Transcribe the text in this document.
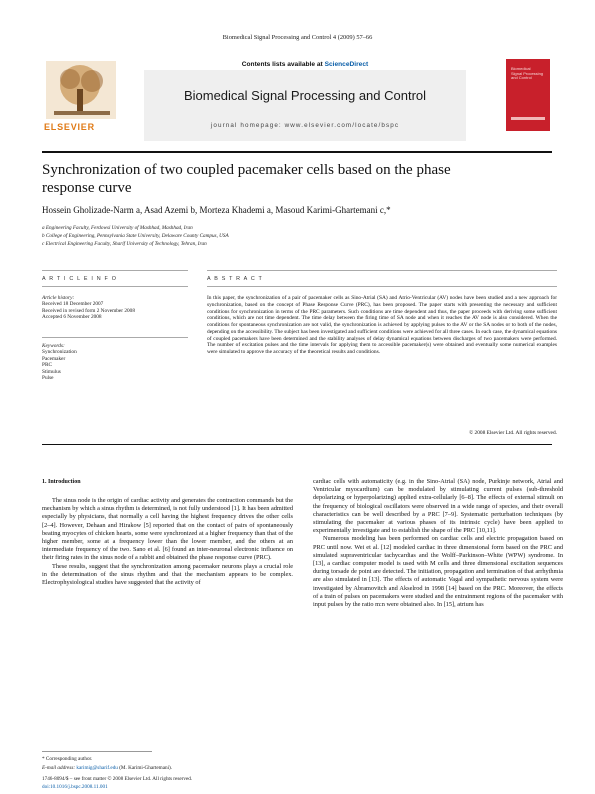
Biomedical Signal Processing and Control 4 (2009) 57–66
ELSEVIER
Contents lists available at ScienceDirect
Biomedical Signal Processing and Control
journal homepage: www.elsevier.com/locate/bspc
Biomedical
Signal Processing
and Control
Synchronization of two coupled pacemaker cells based on the phase response curve
Hossein Gholizade-Narm a, Asad Azemi b, Morteza Khademi a, Masoud Karimi-Ghartemani c,*
a Engineering Faculty, Ferdowsi University of Mashhad, Mashhad, Iran
b College of Engineering, Pennsylvania State University, Delaware County Campus, USA
c Electrical Engineering Faculty, Sharif University of Technology, Tehran, Iran
A R T I C L E I N F O	A B S T R A C T
Article history:
Received 18 December 2007
Received in revised form 2 November 2008
Accepted 6 November 2008
Keywords:
Synchronization
Pacemaker
PRC
Stimulus
Pulse
In this paper, the synchronization of a pair of pacemaker cells as Sino-Atrial (SA) and Atrio-Ventricular (AV) nodes have been studied and a new approach for synchronization, based on the concept of Phase Response Curve (PRC), has been proposed. The paper starts with presenting the necessary and sufficient conditions for synchronization in terms of the PRC parameters. Such conditions are time dependent and thus, the paper proceeds with deriving some sufficient conditions, which are not time dependent. The time delay between the firing time of SA node and when it reaches the AV node is also considered. When the conditions for spontaneous synchronization are not valid, the synchronization is achieved by applying pulses to the AV or the SA nodes or to both of the nodes, depending on the accessibility. The subject has been investigated and sufficient conditions were achieved for all three cases. In each case, the dynamical equations of coupled pacemakers have been determined and the stability analyses of delay dynamical equations between discharges of two pacemakers were performed. The number of excitation pulses and the time intervals for applying them to accessible pacemaker(s) were obtained and eventually some numerical examples were simulated to approve the accuracy of the theoretical results and conditions.
© 2008 Elsevier Ltd. All rights reserved.
1. Introduction

The sinus node is the origin of cardiac activity and generates the contraction commands but the mechanism by which a sinus rhythm is determined, is not fully understood [1]. It has been admitted especially by physicians, that normally a cell having the highest frequency drives the other cells [2–4]. However, Dehaan and Hirakow [5] reported that on the contact of pairs of spontaneously beating myocytes of chicken hearts, some were synchronized at a higher frequency than that of the higher member, some at a frequency lower than the lower member, and the others at an intermediate frequency of the two. Sano et al. [6] found an inter-neuronal electronic influence on their firing rates in the sinus node of a rabbit and obtained the phase response curve (PRC).

These results, suggest that the synchronization among pacemaker neurons plays a crucial role in the determination of the sinus rhythm and that the mechanism appears to be complex. Electrophysiological studies have suggested that the activity of

cardiac cells with automaticity (e.g. in the Sino-Atrial (SA) node, Purkinje network, Atrial and Ventricular myocardium) can be modulated by stimulating current pulses (sub-threshold depolarizing or hyperpolarizing) applied extra-cellularly [6–8]. The effects of external stimuli on the frequency of biological oscillators were observed in a wide range of species, and their overall characteristics can be well described by a PRC [7–9]. Systematic perturbation techniques (by stimulating the pacemaker at various phases of its intrinsic cycle) have been applied to experimentally investigate and to establish the shape of the PRC [10,11].

Numerous modeling has been performed on cardiac cells and electric propagation based on PRC until now. Wei et al. [12] modeled cardiac in three dimensional form based on the PRC and simulated supraventricular tachycardias and the Wolff–Parkinson–White (WPW) syndrome. In [13], a cardiac computer model is used with M cells and three dimensional excitation sequences during torsade de point are detected. The initiation, propagation and termination of that arrhythmia are also simulated in [13]. The effects of automatic Vagal and sympathetic nervous system were investigated by Abramovitch and Akselrod in 1998 [14] based on the PRC. Moreover, the effects of a train of pulses on pacemakers were studied and the entrainment regions of the pacemaker with input pulses by the ratio m:n were obtained also. In [15], atrium has

* Corresponding author.
E-mail address: karimig@sharif.edu (M. Karimi-Ghartemani).
1746-8094/$ – see front matter © 2008 Elsevier Ltd. All rights reserved.
doi:10.1016/j.bspc.2008.11.001
